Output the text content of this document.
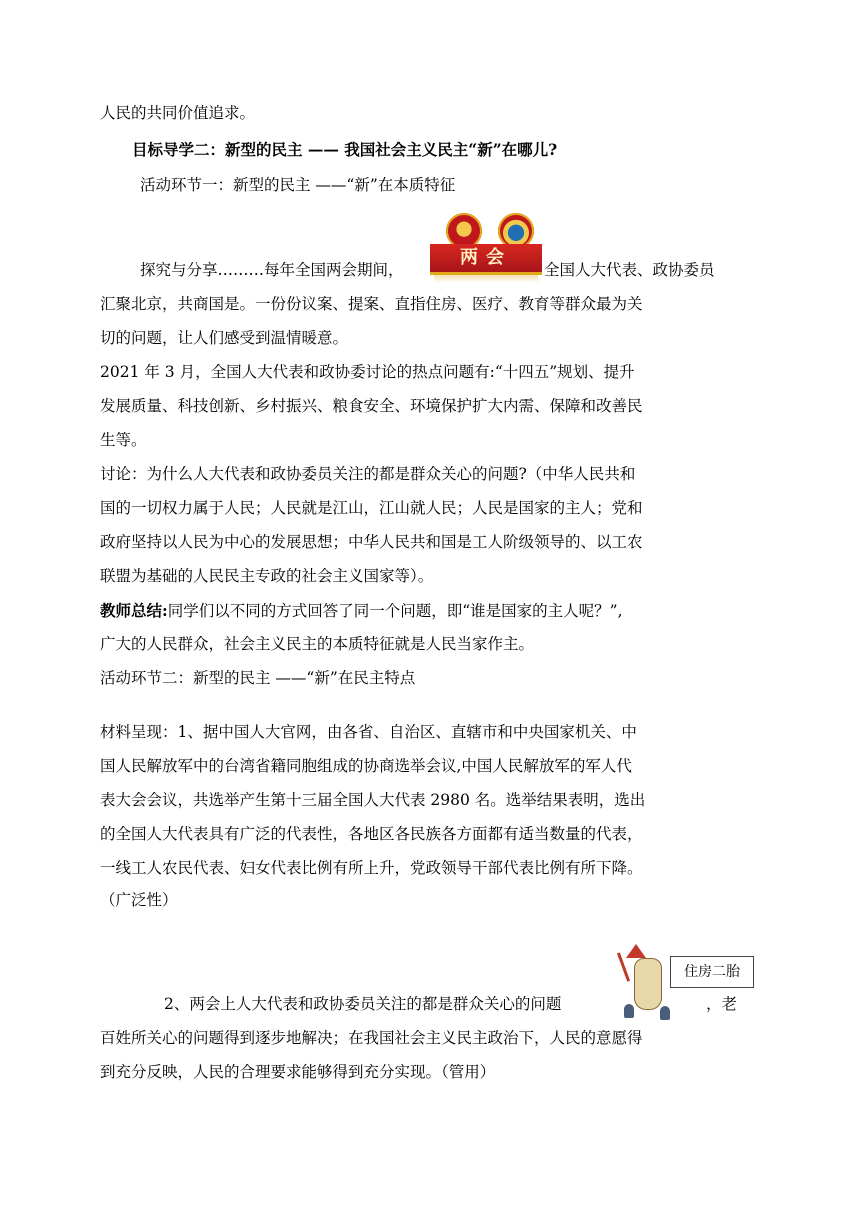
人民的共同价值追求。
目标导学二：新型的民主 —— 我国社会主义民主“新”在哪儿?
活动环节一：新型的民主 ——“新”在本质特征
探究与分享………每年全国两会期间，
两会
全国人大代表、政协委员
汇聚北京，共商国是。一份份议案、提案、直指住房、医疗、教育等群众最为关
切的问题，让人们感受到温情暖意。
2021 年 3 月，全国人大代表和政协委讨论的热点问题有:“十四五”规划、提升
发展质量、科技创新、乡村振兴、粮食安全、环境保护扩大内需、保障和改善民
生等。
讨论：为什么人大代表和政协委员关注的都是群众关心的问题?（中华人民共和
国的一切权力属于人民；人民就是江山，江山就人民；人民是国家的主人；党和
政府坚持以人民为中心的发展思想；中华人民共和国是工人阶级领导的、以工农
联盟为基础的人民民主专政的社会主义国家等）。
教师总结:同学们以不同的方式回答了同一个问题，即“谁是国家的主人呢？”,
广大的人民群众，社会主义民主的本质特征就是人民当家作主。
活动环节二：新型的民主 ——“新”在民主特点
材料呈现：1、据中国人大官网，由各省、自治区、直辖市和中央国家机关、中
国人民解放军中的台湾省籍同胞组成的协商选举会议,中国人民解放军的军人代
表大会会议，共选举产生第十三届全国人大代表 2980 名。选举结果表明，选出
的全国人大代表具有广泛的代表性，各地区各民族各方面都有适当数量的代表，
一线工人农民代表、妇女代表比例有所上升，党政领导干部代表比例有所下降。
（广泛性）
住房二胎
2、两会上人大代表和政协委员关注的都是群众关心的问题	，老
百姓所关心的问题得到逐步地解决；在我国社会主义民主政治下，人民的意愿得
到充分反映，人民的合理要求能够得到充分实现。（管用）
